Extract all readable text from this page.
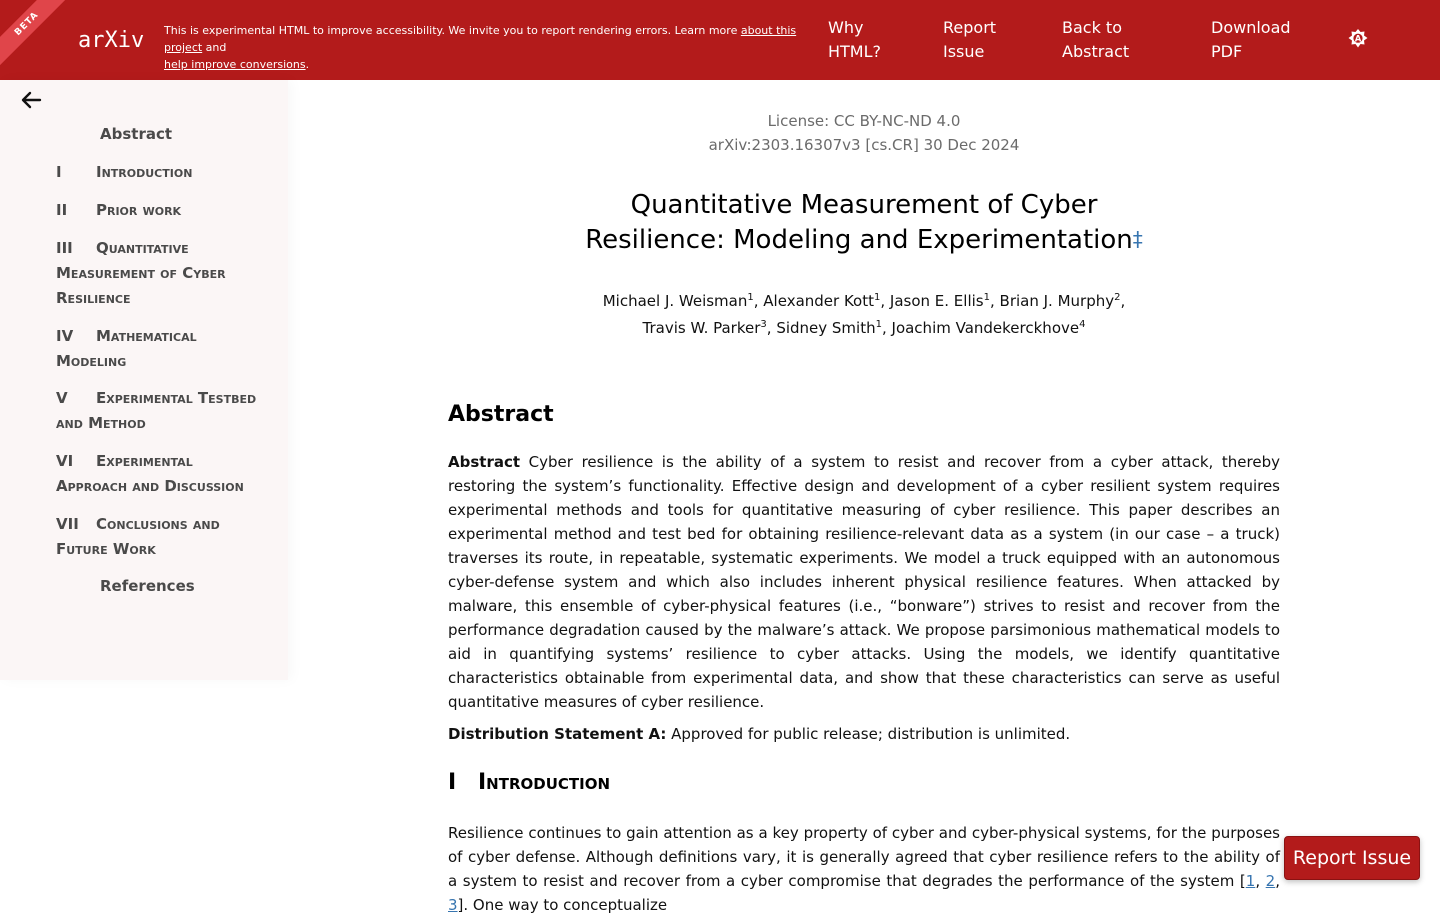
BETA
arXiv This is experimental HTML to improve accessibility. We invite you to report rendering errors. Learn more about this project and
help improve conversions.
Why HTML?
Report Issue
Back to Abstract
Download PDF
A
Abstract
I Introduction
II Prior work
III Quantitative Measurement of Cyber Resilience
IV Mathematical Modeling
V Experimental Testbed and Method
VI Experimental Approach and Discussion
VII Conclusions and Future Work
References
License: CC BY-NC-ND 4.0
arXiv:2303.16307v3 [cs.CR] 30 Dec 2024
Quantitative Measurement of Cyber Resilience: Modeling and Experimentation‡
Michael J. Weisman$^1$, Alexander Kott$^1$, Jason E. Ellis$^1$, Brian J. Murphy$^2$,
Travis W. Parker$^3$, Sidney Smith$^1$, Joachim Vandekerckhove$^4$
Abstract

Abstract Cyber resilience is the ability of a system to resist and recover from a cyber attack, thereby restoring the system’s functionality. Effective design and development of a cyber resilient system requires experimental methods and tools for quantitative measuring of cyber resilience. This paper describes an experimental method and test bed for obtaining resilience-relevant data as a system (in our case – a truck) traverses its route, in repeatable, systematic experiments. We model a truck equipped with an autonomous cyber-defense system and which also includes inherent physical resilience features. When attacked by malware, this ensemble of cyber-physical features (i.e., “bonware”) strives to resist and recover from the performance degradation caused by the malware’s attack. We propose parsimonious mathematical models to aid in quantifying systems’ resilience to cyber attacks. Using the models, we identify quantitative characteristics obtainable from experimental data, and show that these characteristics can serve as useful quantitative measures of cyber resilience.

Distribution Statement A: Approved for public release; distribution is unlimited.

I Introduction

Resilience continues to gain attention as a key property of cyber and cyber-physical systems, for the purposes of cyber defense. Although definitions vary, it is generally agreed that cyber resilience refers to the ability of a system to resist and recover from a cyber compromise that degrades the performance of the system [1, 2, 3]. One way to conceptualize

Report Issue
